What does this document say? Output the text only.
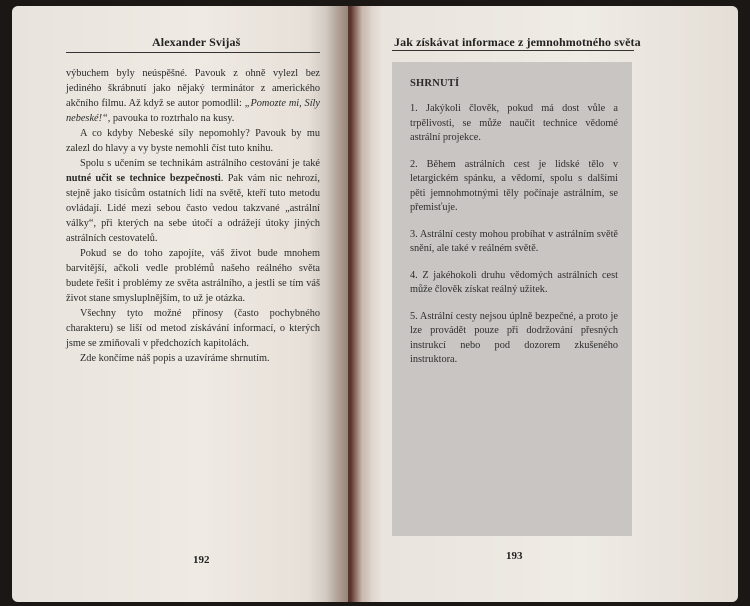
Alexander Svijaš

výbuchem byly neúspěšné. Pavouk z ohně vylezl bez jediného škrábnutí jako nějaký terminátor z amerického akčního filmu. Až když se autor pomodlil: „Pomozte mi, Síly nebeské!“, pavouka to roztrhalo na kusy.

A co kdyby Nebeské síly nepomohly? Pavouk by mu zalezl do hlavy a vy byste nemohli číst tuto knihu.

Spolu s učením se technikám astrálního cestování je také nutné učit se technice bezpečnosti. Pak vám nic nehrozí, stejně jako tisícům ostatních lidí na světě, kteří tuto metodu ovládají. Lidé mezi sebou často vedou takzvané „astrální války“, při kterých na sebe útočí a odrážejí útoky jiných astrálních cestovatelů.

Pokud se do toho zapojíte, váš život bude mnohem barvitější, ačkoli vedle problémů našeho reálného světa budete řešit i problémy ze světa astrálního, a jestli se tím váš život stane smysluplnějším, to už je otázka.

Všechny tyto možné přínosy (často pochybného charakteru) se liší od metod získávání informací, o kterých jsme se zmiňovali v předchozích kapitolách.

Zde končíme náš popis a uzavíráme shrnutím.

192
Jak získávat informace z jemnohmotného světa
SHRNUTÍ
1. Jakýkoli člověk, pokud má dost vůle a trpělivosti, se může naučit technice vědomé astrální projekce.
2. Během astrálních cest je lidské tělo v letargickém spánku, a vědomí, spolu s dalšími pěti jemnohmotnými těly počínaje astrálním, se přemisťuje.
3. Astrální cesty mohou probíhat v astrálním světě snění, ale také v reálném světě.
4. Z jakéhokoli druhu vědomých astrálních cest může člověk získat reálný užitek.
5. Astrální cesty nejsou úplně bezpečné, a proto je lze provádět pouze při dodržování přesných instrukcí nebo pod dozorem zkušeného instruktora.
193
